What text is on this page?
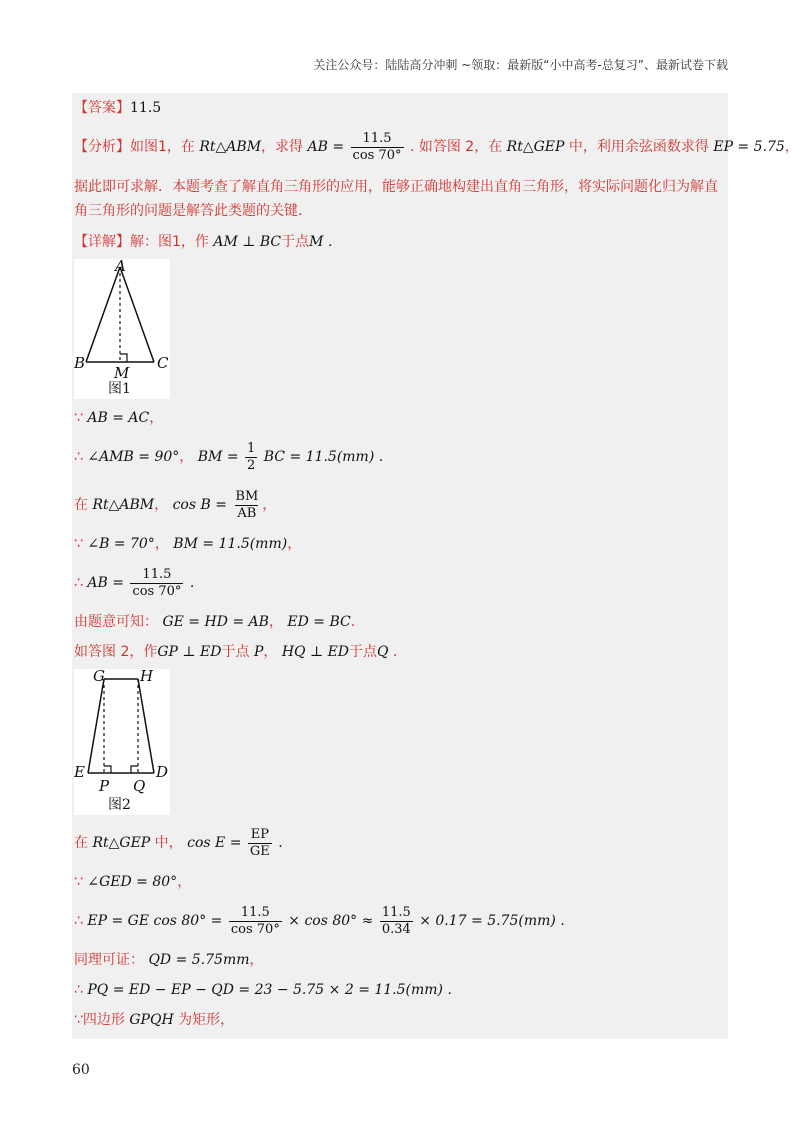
关注公众号：陆陆高分冲刺 ~领取：最新版“小中高考-总复习”、最新试卷下载
【答案】11.5
【分析】如图1，在 Rt△ABM，求得 AB = $\frac{11.5}{\cos 70^\circ}$ . 如答图 2，在 Rt△GEP 中，利用余弦函数求得 EP = 5.75，
据此即可求解．本题考查了解直角三角形的应用，能够正确地构建出直角三角形，将实际问题化归为解直角三角形的问题是解答此类题的关键．
【详解】解：图1，作 AM ⊥ BC于点M .
A
B	C
M
图1
∵ AB = AC，
∴ ∠AMB = 90°， BM = $\frac{1}{2}$ BC = 11.5(mm) .
在 Rt△ABM， $\cos B = \frac{BM}{AB}$ ，
∵ ∠B = 70°， BM = 11.5(mm)，
∴ AB = $\frac{11.5}{\cos 70^\circ}$ .
由题意可知： GE = HD = AB， ED = BC．
如答图 2，作GP ⊥ ED于点 P， HQ ⊥ ED于点Q ．
G H
E	D
P Q
图2
在 Rt△GEP 中， $\cos E = \frac{EP}{GE}$ .
∵ ∠GED = 80°，
∴ EP = GE $\cos 80^\circ = \frac{11.5}{\cos 70^\circ} \times \cos 80^\circ \approx \frac{11.5}{0.34} \times 0.17 = 5.75(mm)$ .
同理可证： QD = 5.75mm，
∴ PQ = ED − EP − QD = 23 − 5.75 × 2 = 11.5(mm) .
∵四边形 GPQH 为矩形，
60
